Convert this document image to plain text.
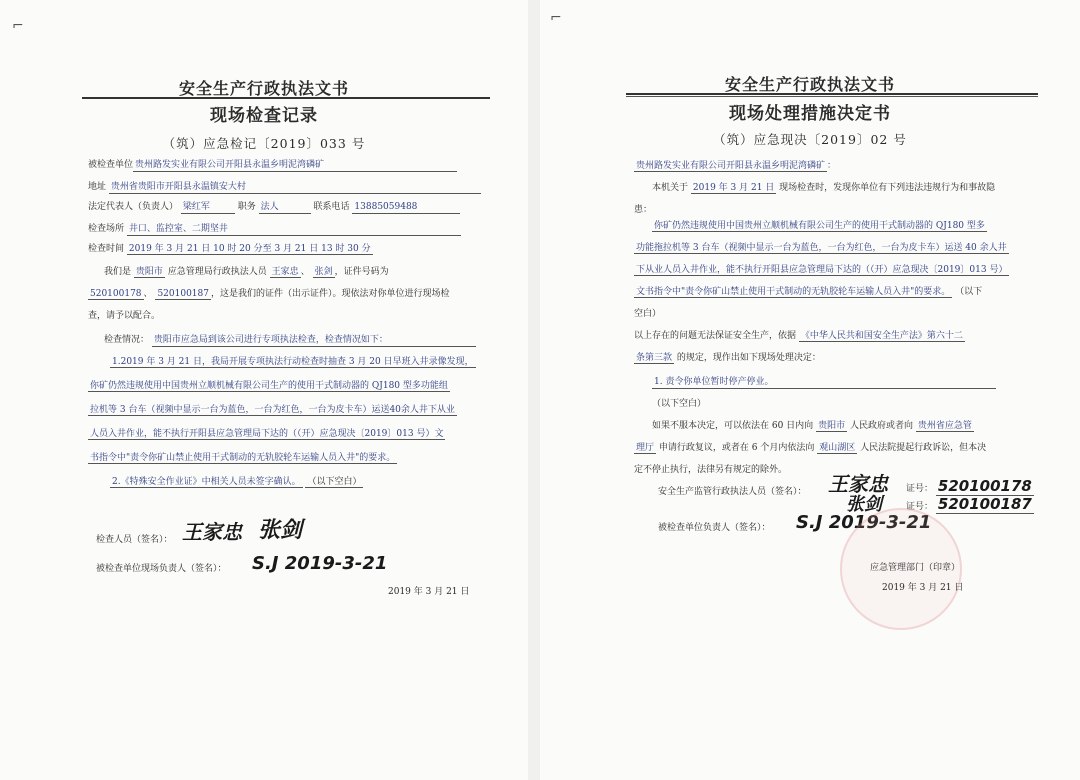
⌐
安全生产行政执法文书
现场检查记录
（筑）应急检记〔2019〕033 号
被检查单位 贵州路发实业有限公司开阳县永温乡明泥湾磷矿
地址 贵州省贵阳市开阳县永温镇安大村
法定代表人（负责人） 梁红军	职务 法人	联系电话 13885059488
检查场所 井口、监控室、二期坚井
检查时间 2019 年 3 月 21 日 10 时 20 分至 3 月 21 日 13 时 30 分
我们是 贵阳市 应急管理局行政执法人员 王家忠 、 张剑 ，证件号码为
520100178 、 520100187 ，这是我们的证件（出示证件）。现依法对你单位进行现场检
查，请予以配合。
检查情况： 贵阳市应急局到该公司进行专项执法检查，检查情况如下：
1.2019 年 3 月 21 日，我局开展专项执法行动检查时抽查 3 月 20 日早班入井录像发现，
你矿仍然违规使用中国贵州立顺机械有限公司生产的使用干式制动器的 QJ180 型多功能组
拉机等 3 台车（视频中显示一台为蓝色，一台为红色，一台为皮卡车）运送40余人井下从业
人员入井作业，能不执行开阳县应急管理局下达的（（开）应急现决〔2019〕013 号）文
书指令中"责令你矿山禁止使用干式制动的无轨胶轮车运输人员入井"的要求。
2.《特殊安全作业证》中相关人员未签字确认。 （以下空白）
检查人员（签名）： 王家忠 张剑
被检查单位现场负责人（签名）： S.J 2019-3-21
2019 年 3 月 21 日
⌐
安全生产行政执法文书
现场处理措施决定书
（筑）应急现决〔2019〕02 号
贵州路发实业有限公司开阳县永温乡明泥湾磷矿 ：
本机关于 2019 年 3 月 21 日 现场检查时，发现你单位有下列违法违规行为和事故隐
患：
你矿仍然违规使用中国贵州立顺机械有限公司生产的使用干式制动器的 QJ180 型多
功能拖拉机等 3 台车（视频中显示一台为蓝色，一台为红色，一台为皮卡车）运送 40 余人井
下从业人员入井作业，能不执行开阳县应急管理局下达的（（开）应急现决〔2019〕013 号）
文书指令中"责令你矿山禁止使用干式制动的无轨胶轮车运输人员入井"的要求。 （以下
空白）
以上存在的问题无法保证安全生产，依据 《中华人民共和国安全生产法》第六十二
条第三款 的规定，现作出如下现场处理决定：
1. 责令你单位暂时停产停业。
（以下空白）
如果不服本决定，可以依法在 60 日内向 贵阳市 人民政府或者向 贵州省应急管
理厅 申请行政复议，或者在 6 个月内依法向 观山湖区 人民法院提起行政诉讼，但本决
定不停止执行，法律另有规定的除外。
安全生产监管行政执法人员（签名）： 王家忠
张剑
证号： 520100178
证号： 520100187
被检查单位负责人（签名）： S.J 2019-3-21
应急管理部门（印章）
2019 年 3 月 21 日
